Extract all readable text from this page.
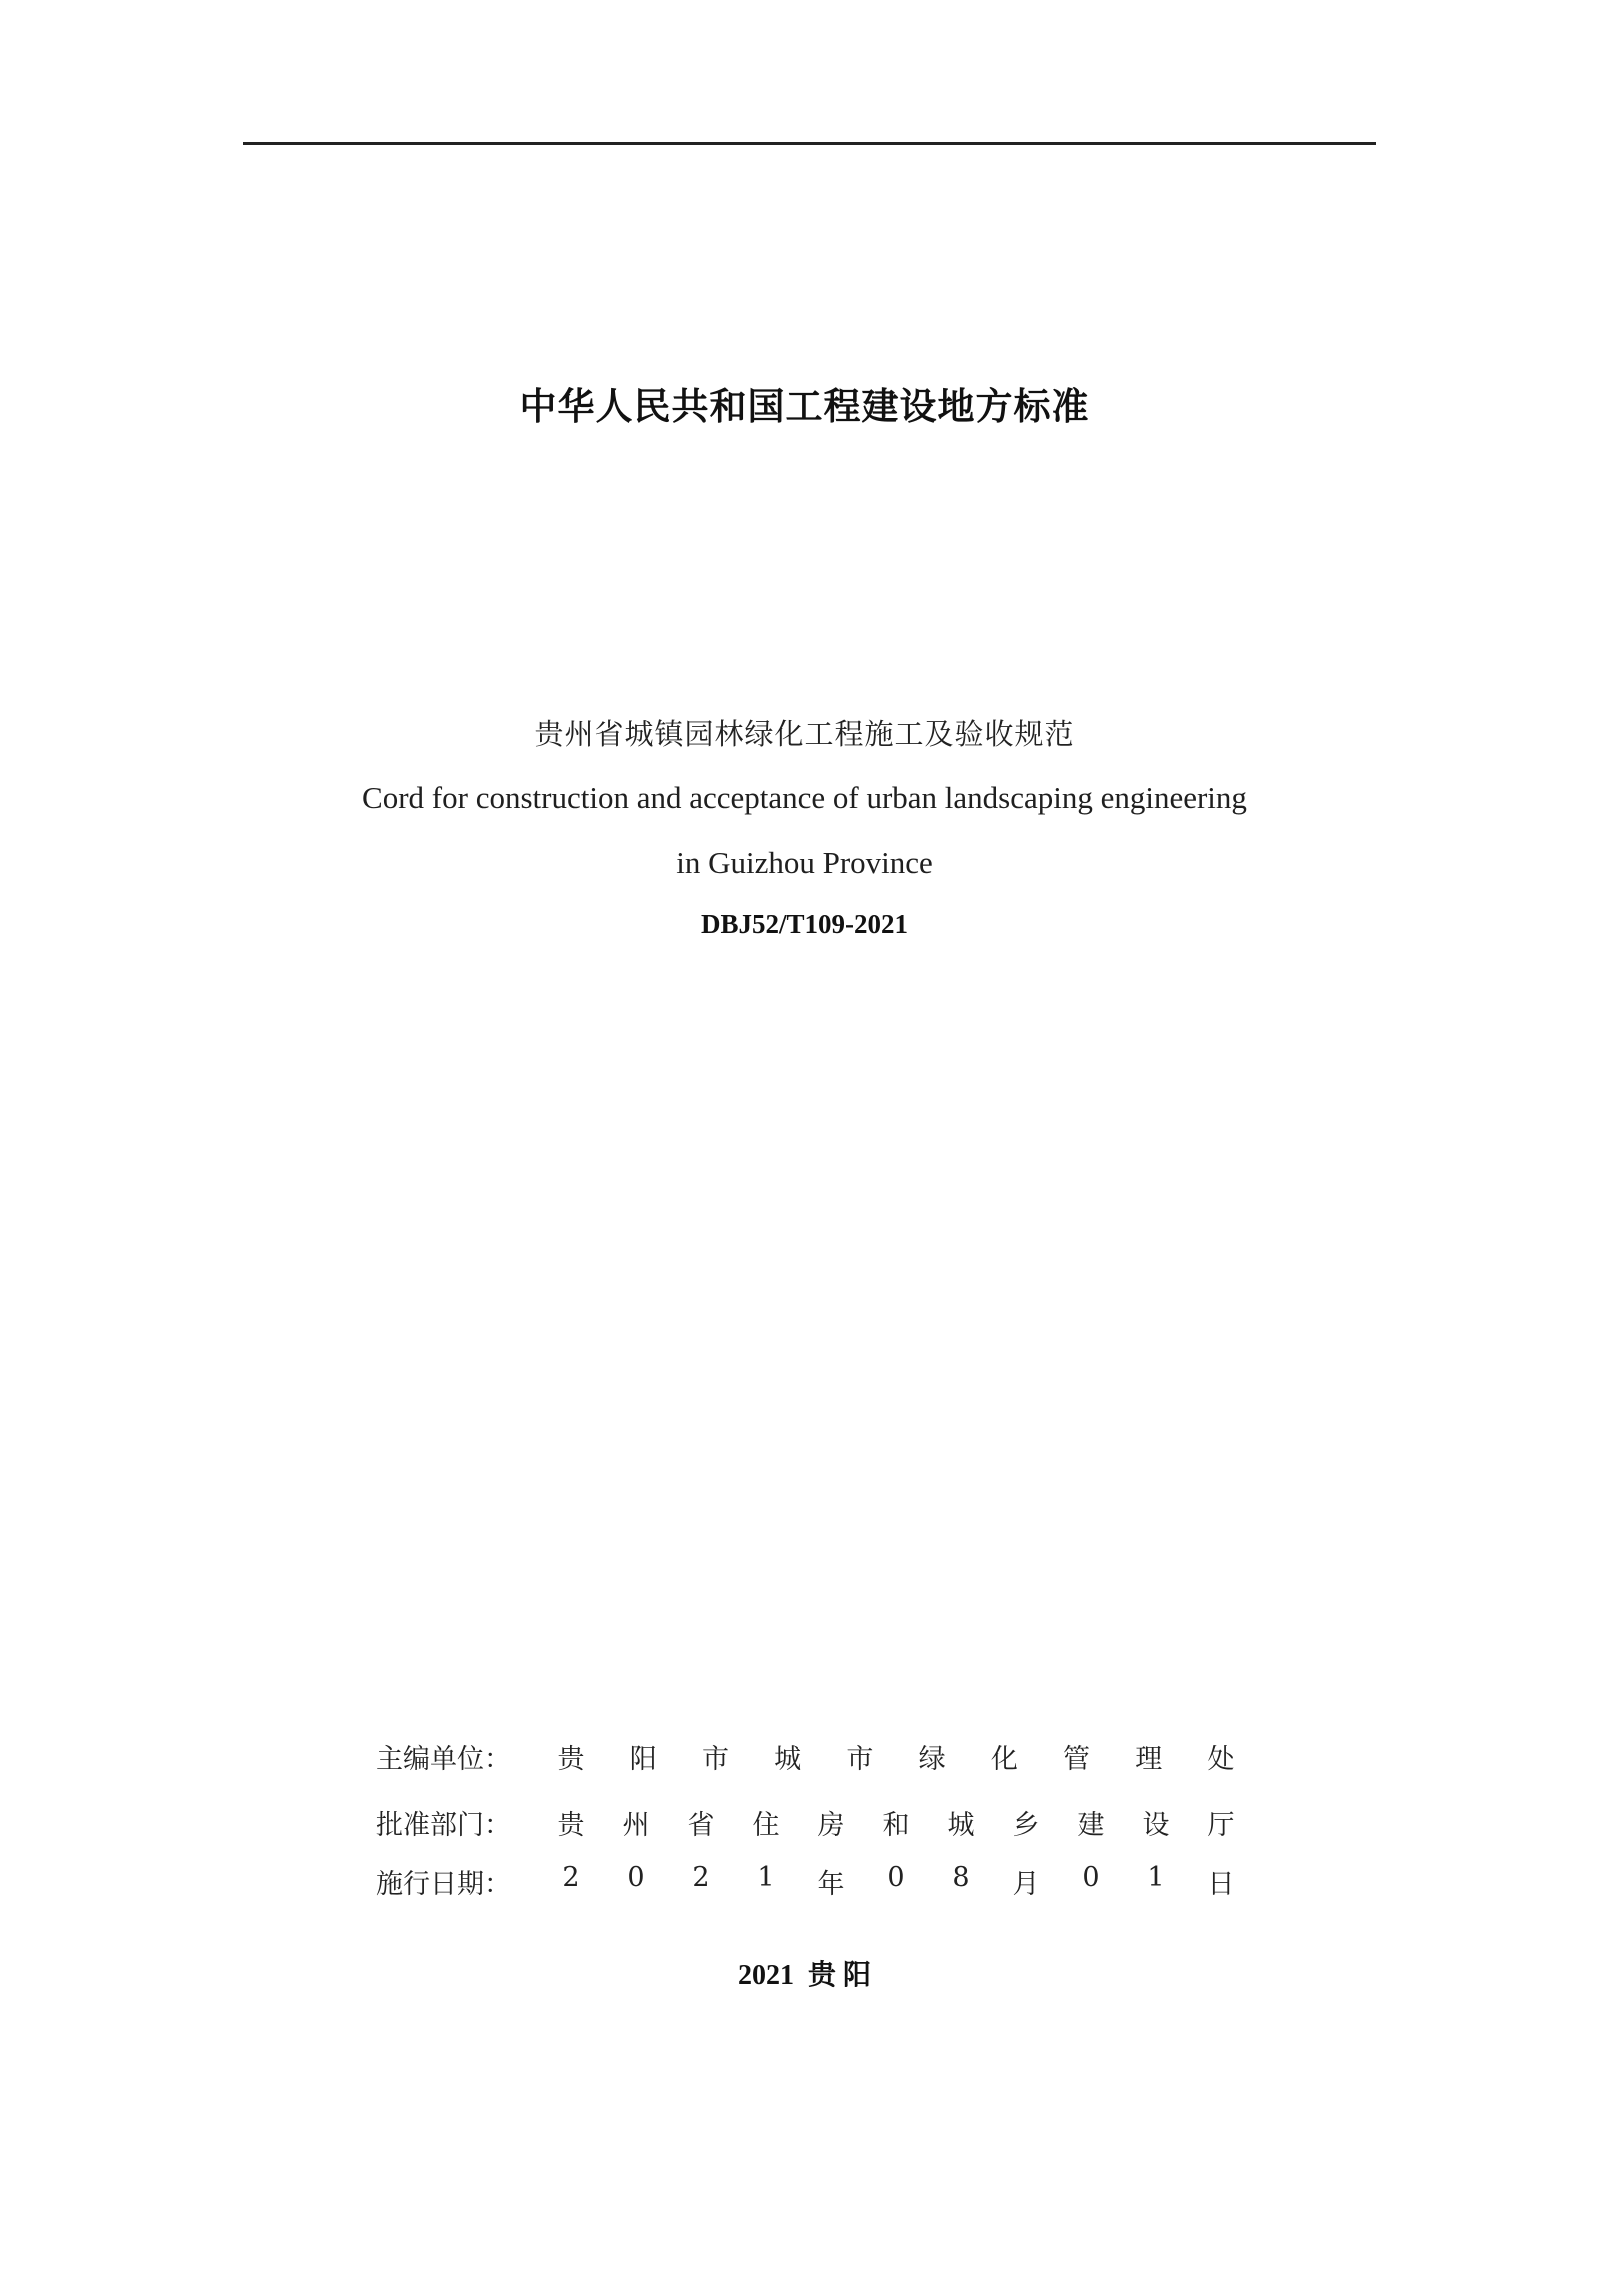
中华人民共和国工程建设地方标准
贵州省城镇园林绿化工程施工及验收规范
Cord for construction and acceptance of urban landscaping engineering
in Guizhou Province
DBJ52/T109-2021
主编单位：	贵 阳 市 城 市 绿 化 管 理 处
批准部门：	贵 州 省 住 房 和 城 乡 建 设 厅
施行日期：	2 0 2 1 年 0 8 月 0 1 日
2021 贵 阳
